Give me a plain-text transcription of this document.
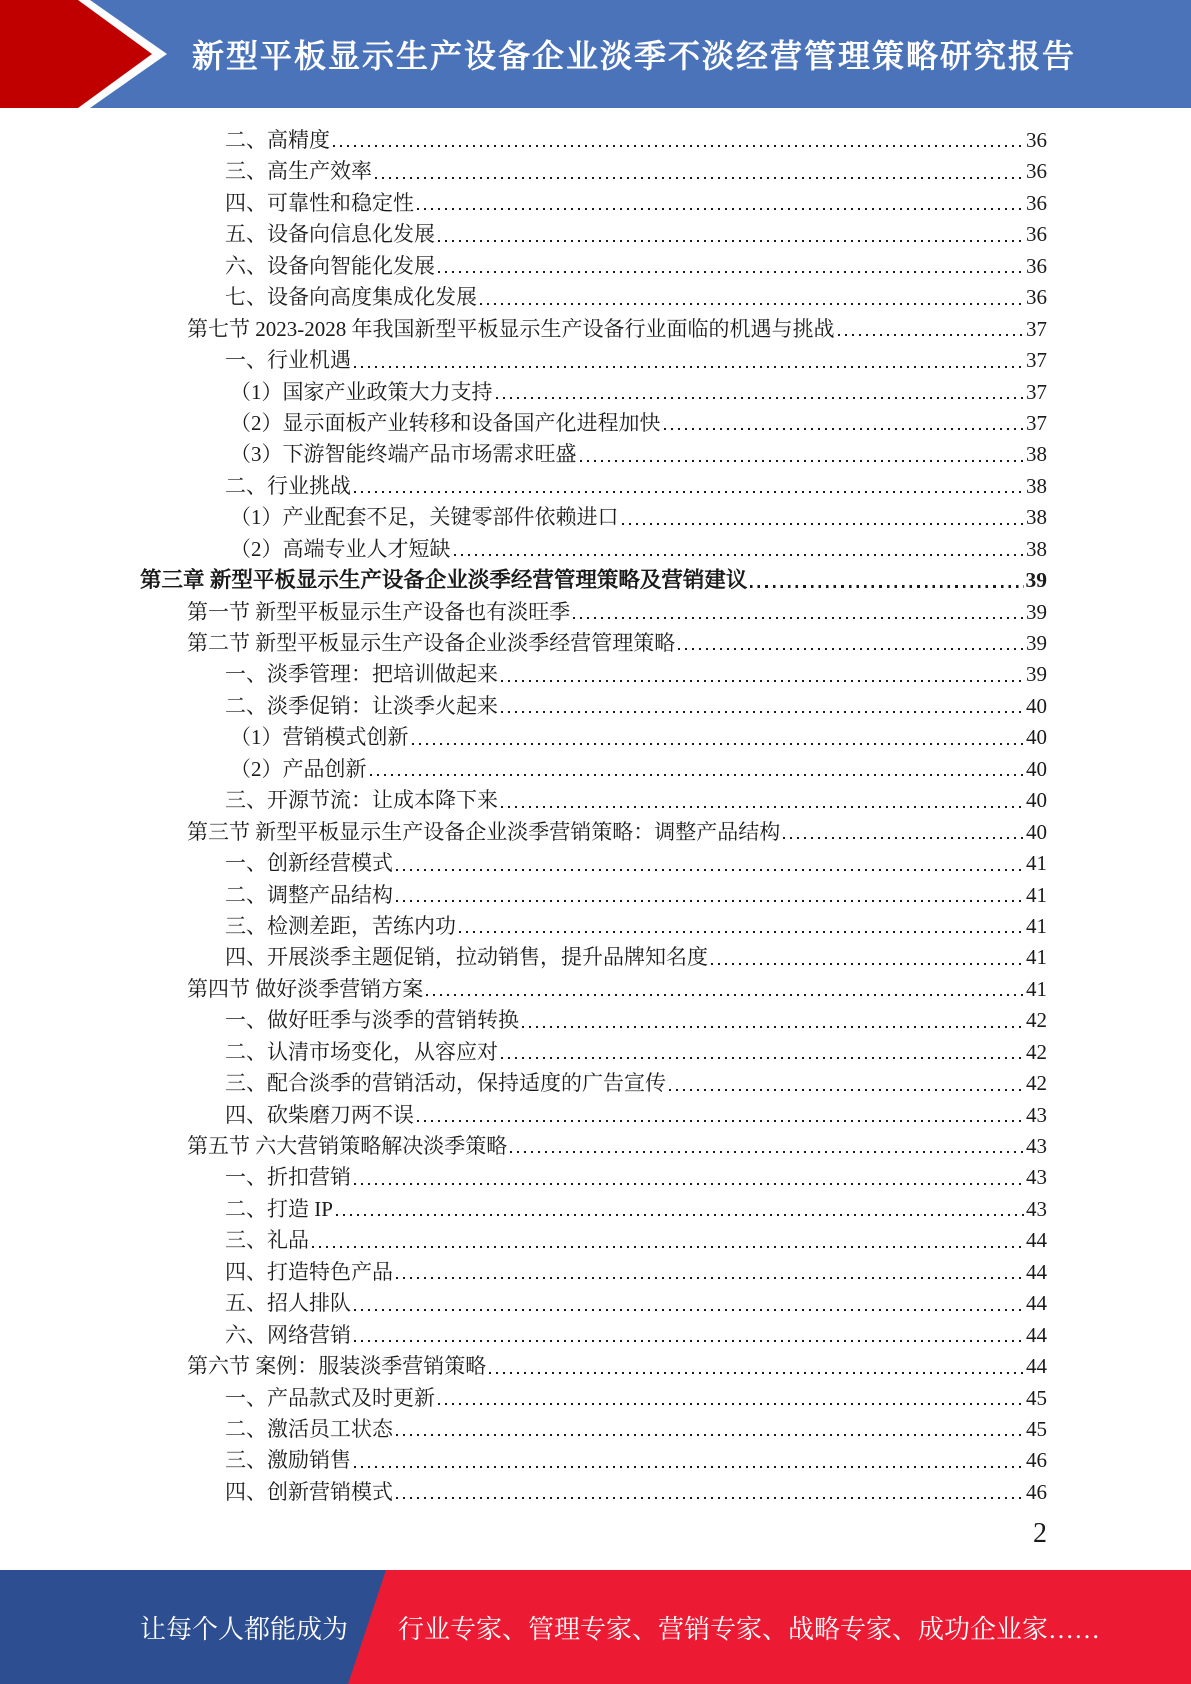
新型平板显示生产设备企业淡季不淡经营管理策略研究报告
二、高精度	36
三、高生产效率	36
四、可靠性和稳定性	36
五、设备向信息化发展	36
六、设备向智能化发展	36
七、设备向高度集成化发展	36
第七节 2023-2028 年我国新型平板显示生产设备行业面临的机遇与挑战	37
一、行业机遇	37
（1）国家产业政策大力支持	37
（2）显示面板产业转移和设备国产化进程加快	37
（3）下游智能终端产品市场需求旺盛	38
二、行业挑战	38
（1）产业配套不足，关键零部件依赖进口	38
（2）高端专业人才短缺	38
第三章 新型平板显示生产设备企业淡季经营管理策略及营销建议	39
第一节 新型平板显示生产设备也有淡旺季	39
第二节 新型平板显示生产设备企业淡季经营管理策略	39
一、淡季管理：把培训做起来	39
二、淡季促销：让淡季火起来	40
（1）营销模式创新	40
（2）产品创新	40
三、开源节流：让成本降下来	40
第三节 新型平板显示生产设备企业淡季营销策略：调整产品结构	40
一、创新经营模式	41
二、调整产品结构	41
三、检测差距，苦练内功	41
四、开展淡季主题促销，拉动销售，提升品牌知名度	41
第四节 做好淡季营销方案	41
一、做好旺季与淡季的营销转换	42
二、认清市场变化，从容应对	42
三、配合淡季的营销活动，保持适度的广告宣传	42
四、砍柴磨刀两不误	43
第五节 六大营销策略解决淡季策略	43
一、折扣营销	43
二、打造 IP	43
三、礼品	44
四、打造特色产品	44
五、招人排队	44
六、网络营销	44
第六节 案例：服装淡季营销策略	44
一、产品款式及时更新	45
二、激活员工状态	45
三、激励销售	46
四、创新营销模式	46
2
让每个人都能成为 行业专家、管理专家、营销专家、战略专家、成功企业家……
